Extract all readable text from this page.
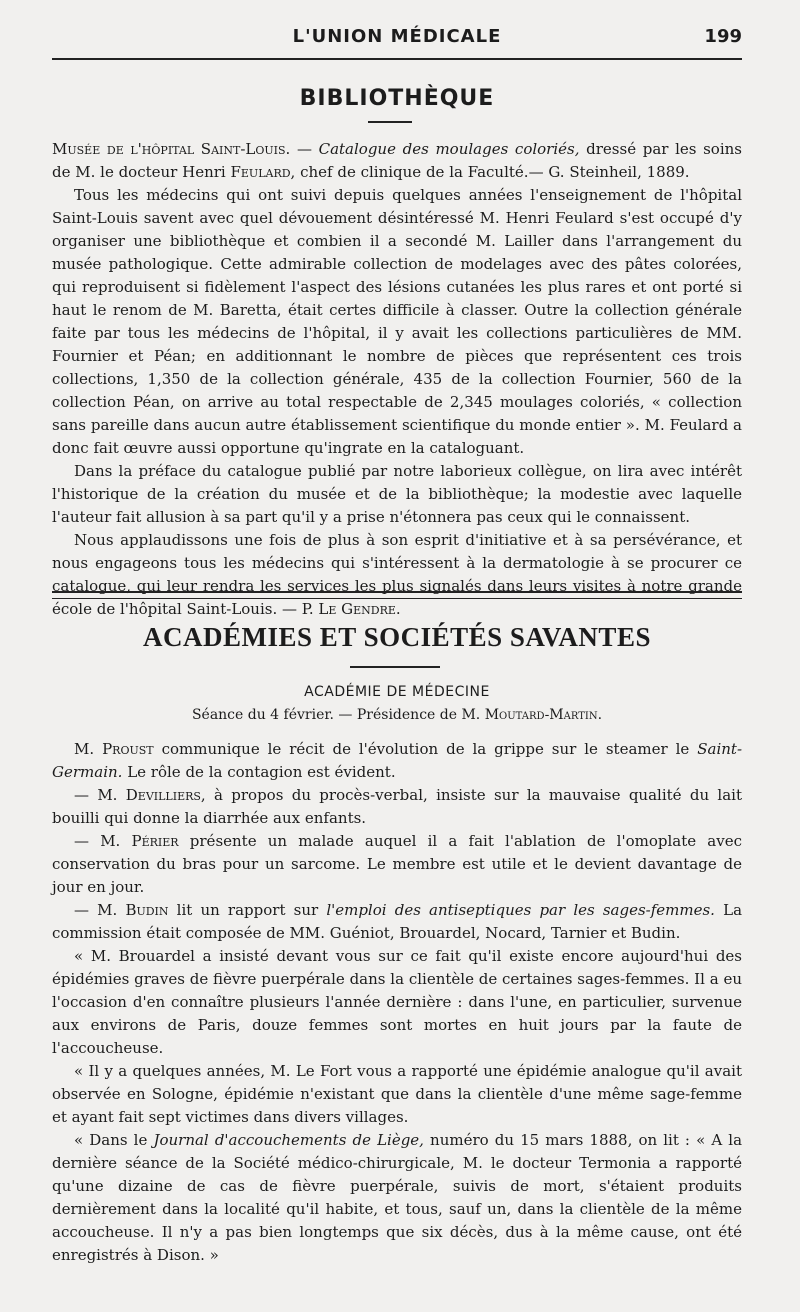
L'UNION MÉDICALE	199
BIBLIOTHÈQUE

Musée de l'hôpital Saint-Louis. — Catalogue des moulages coloriés, dressé par les soins de M. le docteur Henri Feulard, chef de clinique de la Faculté.— G. Steinheil, 1889.

Tous les médecins qui ont suivi depuis quelques années l'enseignement de l'hôpital Saint-Louis savent avec quel dévouement désintéressé M. Henri Feulard s'est occupé d'y organiser une bibliothèque et combien il a secondé M. Lailler dans l'arrangement du musée pathologique. Cette admirable collection de modelages avec des pâtes colorées, qui reproduisent si fidèlement l'aspect des lésions cutanées les plus rares et ont porté si haut le renom de M. Baretta, était certes difficile à classer. Outre la collection générale faite par tous les médecins de l'hôpital, il y avait les collections particulières de MM. Fournier et Péan; en additionnant le nombre de pièces que représentent ces trois collections, 1,350 de la collection générale, 435 de la collection Fournier, 560 de la collection Péan, on arrive au total respectable de 2,345 moulages coloriés, « collection sans pareille dans aucun autre établissement scientifique du monde entier ». M. Feulard a donc fait œuvre aussi opportune qu'ingrate en la cataloguant.

Dans la préface du catalogue publié par notre laborieux collègue, on lira avec intérêt l'historique de la création du musée et de la bibliothèque; la modestie avec laquelle l'auteur fait allusion à sa part qu'il y a prise n'étonnera pas ceux qui le connaissent.

Nous applaudissons une fois de plus à son esprit d'initiative et à sa persévérance, et nous engageons tous les médecins qui s'intéressent à la dermatologie à se procurer ce catalogue, qui leur rendra les services les plus signalés dans leurs visites à notre grande école de l'hôpital Saint-Louis. — P. Le Gendre.

ACADÉMIES ET SOCIÉTÉS SAVANTES
ACADÉMIE DE MÉDECINE
Séance du 4 février. — Présidence de M. Moutard-Martin.

M. Proust communique le récit de l'évolution de la grippe sur le steamer le Saint-Germain. Le rôle de la contagion est évident.

— M. Devilliers, à propos du procès-verbal, insiste sur la mauvaise qualité du lait bouilli qui donne la diarrhée aux enfants.

— M. Périer présente un malade auquel il a fait l'ablation de l'omoplate avec conservation du bras pour un sarcome. Le membre est utile et le devient davantage de jour en jour.

— M. Budin lit un rapport sur l'emploi des antiseptiques par les sages-femmes. La commission était composée de MM. Guéniot, Brouardel, Nocard, Tarnier et Budin.

« M. Brouardel a insisté devant vous sur ce fait qu'il existe encore aujourd'hui des épidémies graves de fièvre puerpérale dans la clientèle de certaines sages-femmes. Il a eu l'occasion d'en connaître plusieurs l'année dernière : dans l'une, en particulier, survenue aux environs de Paris, douze femmes sont mortes en huit jours par la faute de l'accoucheuse.

« Il y a quelques années, M. Le Fort vous a rapporté une épidémie analogue qu'il avait observée en Sologne, épidémie n'existant que dans la clientèle d'une même sage-femme et ayant fait sept victimes dans divers villages.

« Dans le Journal d'accouchements de Liège, numéro du 15 mars 1888, on lit : « A la dernière séance de la Société médico-chirurgicale, M. le docteur Termonia a rapporté qu'une dizaine de cas de fièvre puerpérale, suivis de mort, s'étaient produits dernièrement dans la localité qu'il habite, et tous, sauf un, dans la clientèle de la même accoucheuse. Il n'y a pas bien longtemps que six décès, dus à la même cause, ont été enregistrés à Dison. »
